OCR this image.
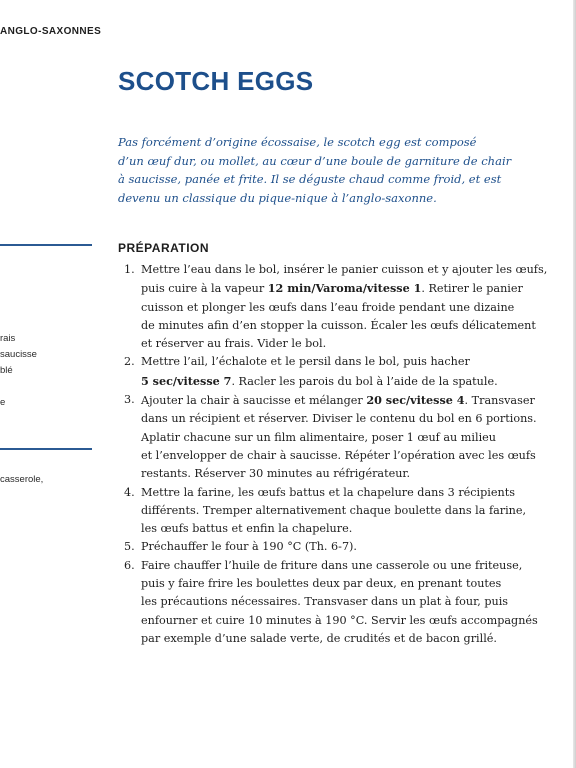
ANGLO-SAXONNES
rais
saucisse
blé
e
casserole,
SCOTCH EGGS

Pas forcément d’origine écossaise, le scotch egg est composé
d’un œuf dur, ou mollet, au cœur d’une boule de garniture de chair
à saucisse, panée et frite. Il se déguste chaud comme froid, et est
devenu un classique du pique-nique à l’anglo-saxonne.

PRÉPARATION
1. Mettre l’eau dans le bol, insérer le panier cuisson et y ajouter les œufs,
puis cuire à la vapeur 12 min/Varoma/vitesse 1. Retirer le panier
cuisson et plonger les œufs dans l’eau froide pendant une dizaine
de minutes afin d’en stopper la cuisson. Écaler les œufs délicatement
et réserver au frais. Vider le bol.
2. Mettre l’ail, l’échalote et le persil dans le bol, puis hacher
5 sec/vitesse 7. Racler les parois du bol à l’aide de la spatule.
3. Ajouter la chair à saucisse et mélanger 20 sec/vitesse 4. Transvaser
dans un récipient et réserver. Diviser le contenu du bol en 6 portions.
Aplatir chacune sur un film alimentaire, poser 1 œuf au milieu
et l’envelopper de chair à saucisse. Répéter l’opération avec les œufs
restants. Réserver 30 minutes au réfrigérateur.
4. Mettre la farine, les œufs battus et la chapelure dans 3 récipients
différents. Tremper alternativement chaque boulette dans la farine,
les œufs battus et enfin la chapelure.
5. Préchauffer le four à 190 °C (Th. 6-7).
6. Faire chauffer l’huile de friture dans une casserole ou une friteuse,
puis y faire frire les boulettes deux par deux, en prenant toutes
les précautions nécessaires. Transvaser dans un plat à four, puis
enfourner et cuire 10 minutes à 190 °C. Servir les œufs accompagnés
par exemple d’une salade verte, de crudités et de bacon grillé.
